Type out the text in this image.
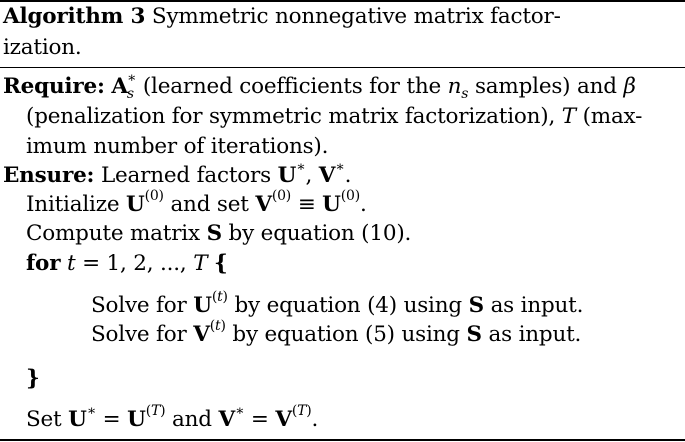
Algorithm 3 Symmetric nonnegative matrix factor-
ization.
Require: $A_s^∗$ (learned coefficients for the $n_s$ samples) and β
(penalization for symmetric matrix factorization), T (max-
imum number of iterations).
Ensure: Learned factors U∗, V∗.
Initialize $U^{(0)}$ and set $V^{(0)} \equiv U^{(0)}$.
Compute matrix S by equation (10).
for t = 1, 2, ..., T {
Solve for $U^{(t)}$ by equation (4) using S as input.
Solve for $V^{(t)}$ by equation (5) using S as input.
}
Set $U^∗ = U^{(T)}$ and $V^∗ = V^{(T)}$.
